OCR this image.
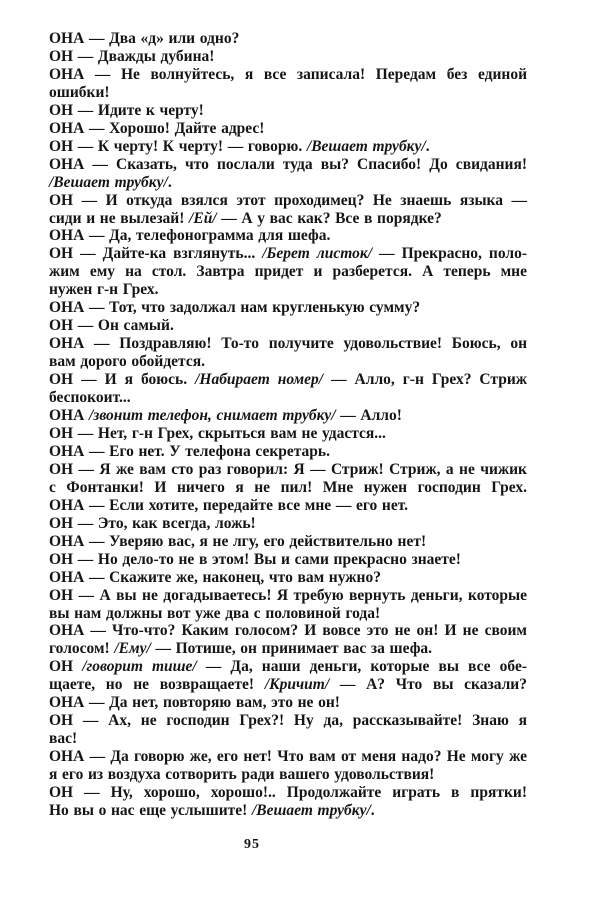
ОНА — Два «д» или одно?
ОН — Дважды дубина!
ОНА — Не волнуйтесь, я все записала! Передам без единой
ошибки!
ОН — Идите к черту!
ОНА — Хорошо! Дайте адрес!
ОН — К черту! К черту! — говорю. /Вешает трубку/.
ОНА — Сказать, что послали туда вы? Спасибо! До свидания!
/Вешает трубку/.
ОН — И откуда взялся этот проходимец? Не знаешь языка —
сиди и не вылезай! /Ей/ — А у вас как? Все в порядке?
ОНА — Да, телефонограмма для шефа.
ОН — Дайте-ка взглянуть... /Берет листок/ — Прекрасно, поло-
жим ему на стол. Завтра придет и разберется. А теперь мне
нужен г-н Грех.
ОНА — Тот, что задолжал нам кругленькую сумму?
ОН — Он самый.
ОНА — Поздравляю! То-то получите удовольствие! Боюсь, он
вам дорого обойдется.
ОН — И я боюсь. /Набирает номер/ — Алло, г-н Грех? Стриж
беспокоит...
ОНА /звонит телефон, снимает трубку/ — Алло!
ОН — Нет, г-н Грех, скрыться вам не удастся...
ОНА — Его нет. У телефона секретарь.
ОН — Я же вам сто раз говорил: Я — Стриж! Стриж, а не чижик
с Фонтанки! И ничего я не пил! Мне нужен господин Грех.
ОНА — Если хотите, передайте все мне — его нет.
ОН — Это, как всегда, ложь!
ОНА — Уверяю вас, я не лгу, его действительно нет!
ОН — Но дело-то не в этом! Вы и сами прекрасно знаете!
ОНА — Скажите же, наконец, что вам нужно?
ОН — А вы не догадываетесь! Я требую вернуть деньги, которые
вы нам должны вот уже два с половиной года!
ОНА — Что-что? Каким голосом? И вовсе это не он! И не своим
голосом! /Ему/ — Потише, он принимает вас за шефа.
ОН /говорит тише/ — Да, наши деньги, которые вы все обе-
щаете, но не возвращаете! /Кричит/ — А? Что вы сказали?
ОНА — Да нет, повторяю вам, это не он!
ОН — Ах, не господин Грех?! Ну да, рассказывайте! Знаю я
вас!
ОНА — Да говорю же, его нет! Что вам от меня надо? Не могу же
я его из воздуха сотворить ради вашего удовольствия!
ОН — Ну, хорошо, хорошо!.. Продолжайте играть в прятки!
Но вы о нас еще услышите! /Вешает трубку/.
95
